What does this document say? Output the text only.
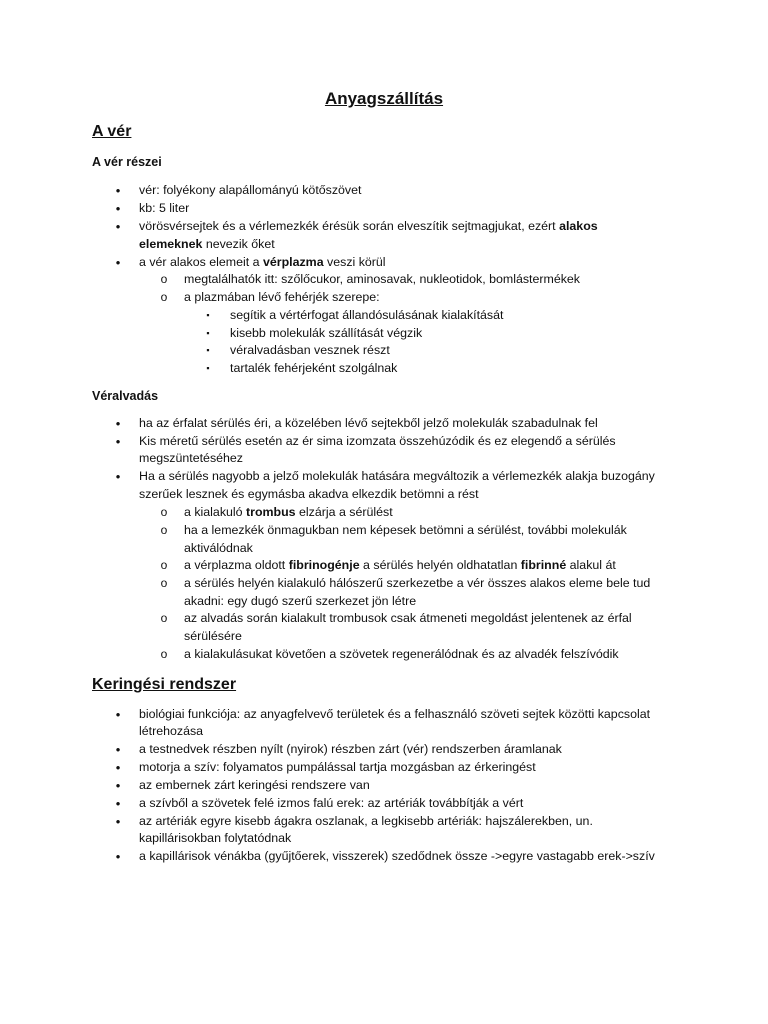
Anyagszállítás
A vér
A vér részei
• vér: folyékony alapállományú kötőszövet
• kb: 5 liter
• vörösvérsejtek és a vérlemezkék érésük során elveszítik sejtmagjukat, ezért alakos
elemeknek nevezik őket
• a vér alakos elemeit a vérplazma veszi körül
o megtalálhatók itt: szőlőcukor, aminosavak, nukleotidok, bomlástermékek
o a plazmában lévő fehérjék szerepe:
▪	segítik a vértérfogat állandósulásának kialakítását
▪	kisebb molekulák szállítását végzik
▪	véralvadásban vesznek részt
▪	tartalék fehérjeként szolgálnak
Véralvadás
• ha az érfalat sérülés éri, a közelében lévő sejtekből jelző molekulák szabadulnak fel
• Kis méretű sérülés esetén az ér sima izomzata összehúzódik és ez elegendő a sérülés
megszüntetéséhez
• Ha a sérülés nagyobb a jelző molekulák hatására megváltozik a vérlemezkék alakja buzogány
szerűek lesznek és egymásba akadva elkezdik betömni a rést
o a kialakuló trombus elzárja a sérülést
o ha a lemezkék önmagukban nem képesek betömni a sérülést, további molekulák
aktiválódnak
o a vérplazma oldott fibrinogénje a sérülés helyén oldhatatlan fibrinné alakul át
o a sérülés helyén kialakuló hálószerű szerkezetbe a vér összes alakos eleme bele tud
akadni: egy dugó szerű szerkezet jön létre
o az alvadás során kialakult trombusok csak átmeneti megoldást jelentenek az érfal
sérülésére
o a kialakulásukat követően a szövetek regenerálódnak és az alvadék felszívódik
Keringési rendszer
• biológiai funkciója: az anyagfelvevő területek és a felhasználó szöveti sejtek közötti kapcsolat
létrehozása
• a testnedvek részben nyílt (nyirok) részben zárt (vér) rendszerben áramlanak
• motorja a szív: folyamatos pumpálással tartja mozgásban az érkeringést
• az embernek zárt keringési rendszere van
• a szívből a szövetek felé izmos falú erek: az artériák továbbítják a vért
• az artériák egyre kisebb ágakra oszlanak, a legkisebb artériák: hajszálerekben, un.
kapillárisokban folytatódnak
• a kapillárisok vénákba (gyűjtőerek, visszerek) szedődnek össze ->egyre vastagabb erek->szív
